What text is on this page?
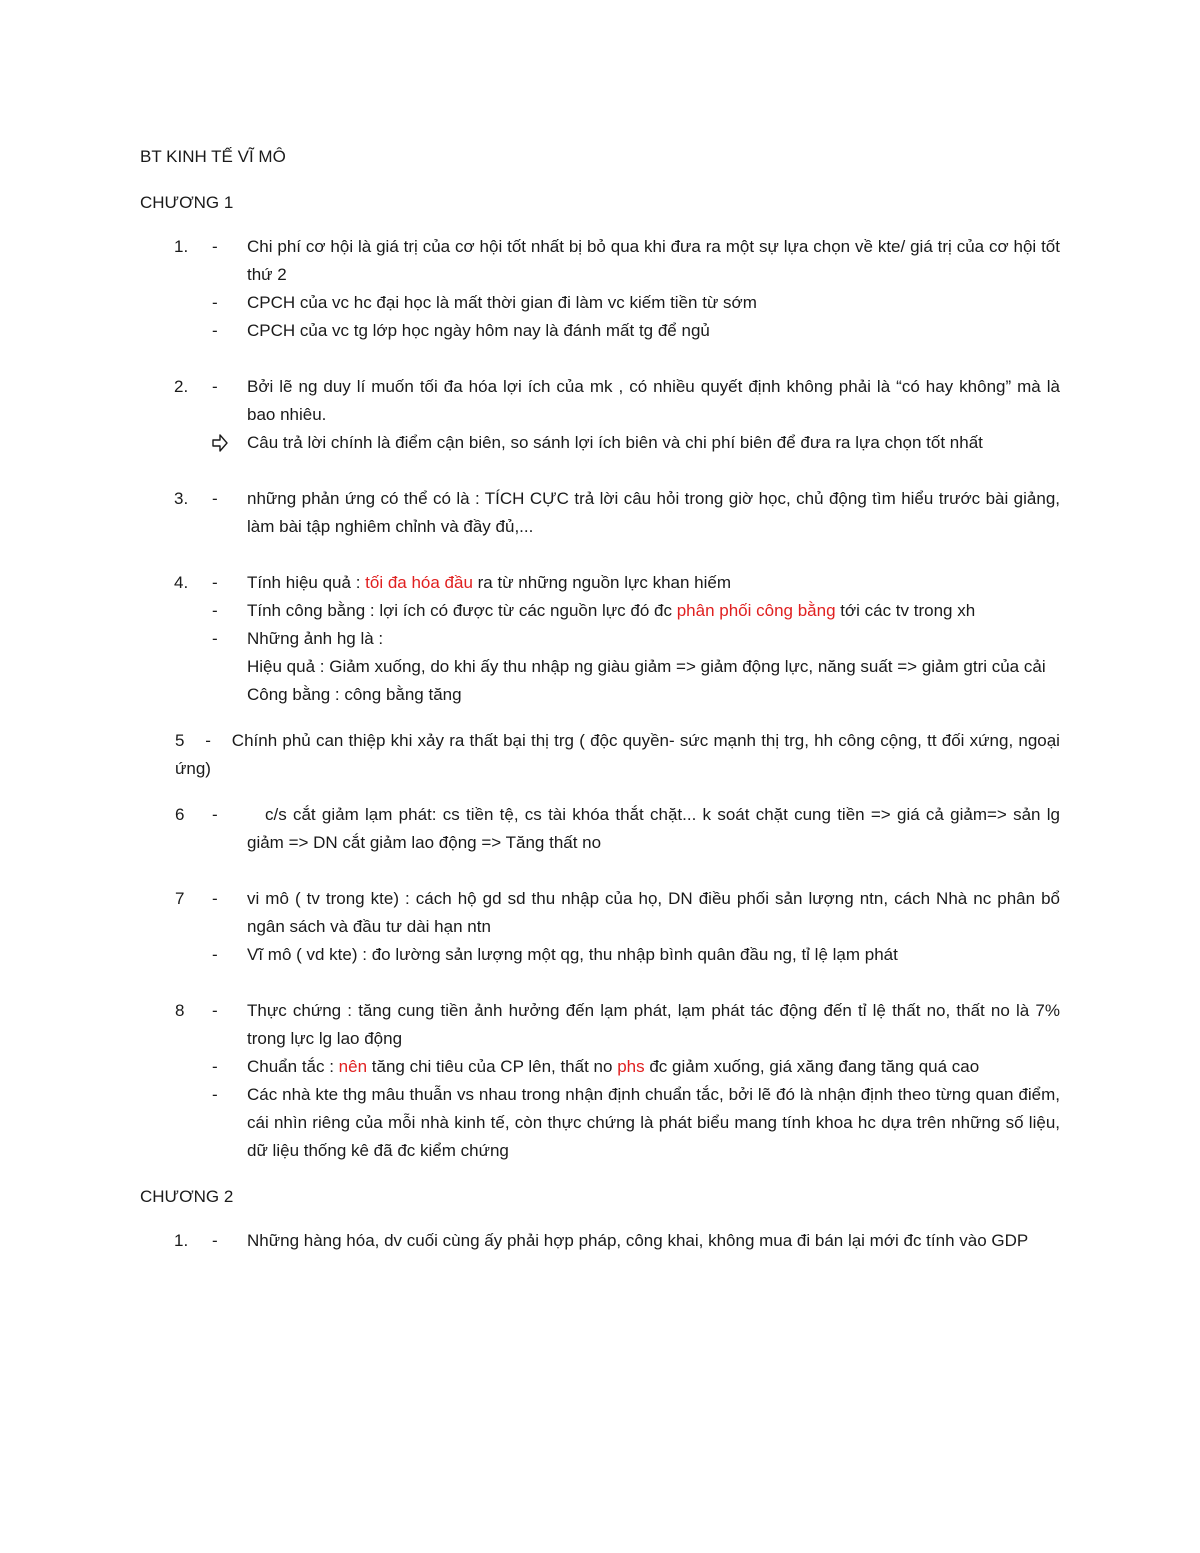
BT KINH TẾ VĨ MÔ
CHƯƠNG 1
1.	- Chi phí cơ hội là giá trị của cơ hội tốt nhất bị bỏ qua khi đưa ra một sự lựa chọn về kte/ giá trị của cơ hội tốt thứ 2
- CPCH của vc hc đại học là mất thời gian đi làm vc kiếm tiền từ sớm
- CPCH của vc tg lớp học ngày hôm nay là đánh mất tg để ngủ
2.	- Bởi lẽ ng duy lí muốn tối đa hóa lợi ích của mk , có nhiều quyết định không phải là “có hay không” mà là bao nhiêu.
Câu trả lời chính là điểm cận biên, so sánh lợi ích biên và chi phí biên để đưa ra lựa chọn tốt nhất
3.	- những phản ứng có thể có là : TÍCH CỰC trả lời câu hỏi trong giờ học, chủ động tìm hiểu trước bài giảng, làm bài tập nghiêm chỉnh và đầy đủ,...
4.	- Tính hiệu quả : tối đa hóa đầu ra từ những nguồn lực khan hiếm
- Tính công bằng : lợi ích có được từ các nguồn lực đó đc phân phối công bằng tới các tv trong xh
- Những ảnh hg là :
Hiệu quả : Giảm xuống, do khi ấy thu nhập ng giàu giảm => giảm động lực, năng suất => giảm gtri của cải
Công bằng : công bằng tăng
5 - Chính phủ can thiệp khi xảy ra thất bại thị trg ( độc quyền- sức mạnh thị trg, hh công cộng, tt đối xứng, ngoại ứng)
6	-	c/s cắt giảm lạm phát: cs tiền tệ, cs tài khóa thắt chặt... k soát chặt cung tiền => giá cả giảm=> sản lg giảm => DN cắt giảm lao động => Tăng thất no
7	- vi mô ( tv trong kte) : cách hộ gd sd thu nhập của họ, DN điều phối sản lượng ntn, cách Nhà nc phân bổ ngân sách và đầu tư dài hạn ntn
- Vĩ mô ( vd kte) : đo lường sản lượng một qg, thu nhập bình quân đầu ng, tỉ lệ lạm phát
8	- Thực chứng : tăng cung tiền ảnh hưởng đến lạm phát, lạm phát tác động đến tỉ lệ thất no, thất no là 7% trong lực lg lao động
- Chuẩn tắc : nên tăng chi tiêu của CP lên, thất no phs đc giảm xuống, giá xăng đang tăng quá cao
- Các nhà kte thg mâu thuẫn vs nhau trong nhận định chuẩn tắc, bởi lẽ đó là nhận định theo từng quan điểm, cái nhìn riêng của mỗi nhà kinh tế, còn thực chứng là phát biểu mang tính khoa hc dựa trên những số liệu, dữ liệu thống kê đã đc kiểm chứng
CHƯƠNG 2
1.	- Những hàng hóa, dv cuối cùng ấy phải hợp pháp, công khai, không mua đi bán lại mới đc tính vào GDP
